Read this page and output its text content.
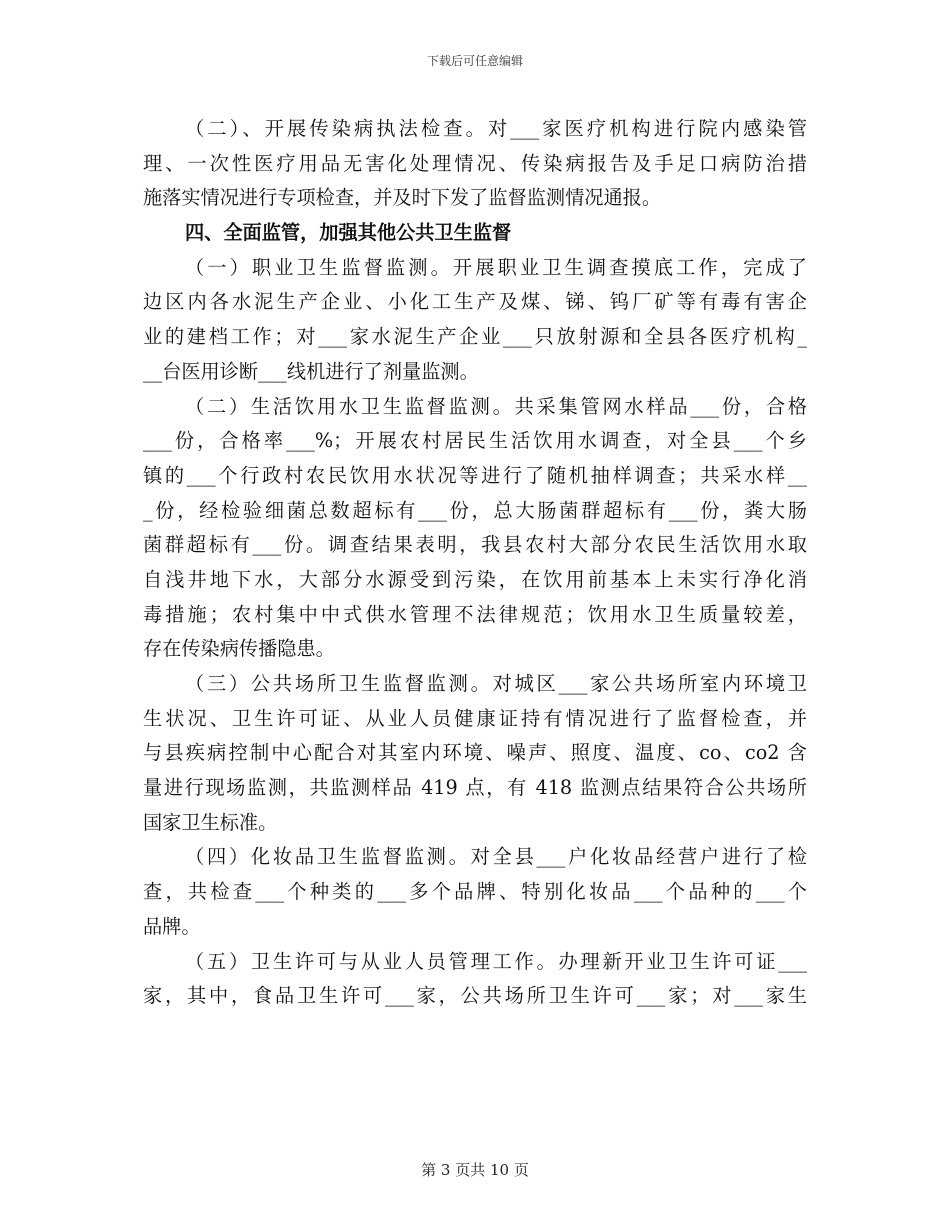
下载后可任意编辑
（二）、开展传染病执法检查。对___家医疗机构进行院内感染管
理、一次性医疗用品无害化处理情况、传染病报告及手足口病防治措
施落实情况进行专项检查，并及时下发了监督监测情况通报。
四、全面监管，加强其他公共卫生监督
（一）职业卫生监督监测。开展职业卫生调查摸底工作，完成了
边区内各水泥生产企业、小化工生产及煤、锑、钨厂矿等有毒有害企
业的建档工作；对___家水泥生产企业___只放射源和全县各医疗机构_
__台医用诊断___线机进行了剂量监测。
（二）生活饮用水卫生监督监测。共采集管网水样品___份，合格
___份，合格率___%；开展农村居民生活饮用水调查，对全县___个乡
镇的___个行政村农民饮用水状况等进行了随机抽样调查；共采水样__
_份，经检验细菌总数超标有___份，总大肠菌群超标有___份，粪大肠
菌群超标有___份。调查结果表明，我县农村大部分农民生活饮用水取
自浅井地下水，大部分水源受到污染，在饮用前基本上未实行净化消
毒措施；农村集中中式供水管理不法律规范；饮用水卫生质量较差，
存在传染病传播隐患。
（三）公共场所卫生监督监测。对城区___家公共场所室内环境卫
生状况、卫生许可证、从业人员健康证持有情况进行了监督检查，并
与县疾病控制中心配合对其室内环境、噪声、照度、温度、co、co2 含
量进行现场监测，共监测样品 419 点，有 418 监测点结果符合公共场所
国家卫生标准。
（四）化妆品卫生监督监测。对全县___户化妆品经营户进行了检
查，共检查___个种类的___多个品牌、特别化妆品___个品种的___个
品牌。
（五）卫生许可与从业人员管理工作。办理新开业卫生许可证___
家，其中，食品卫生许可___家，公共场所卫生许可___家；对___家生
第 3 页共 10 页
